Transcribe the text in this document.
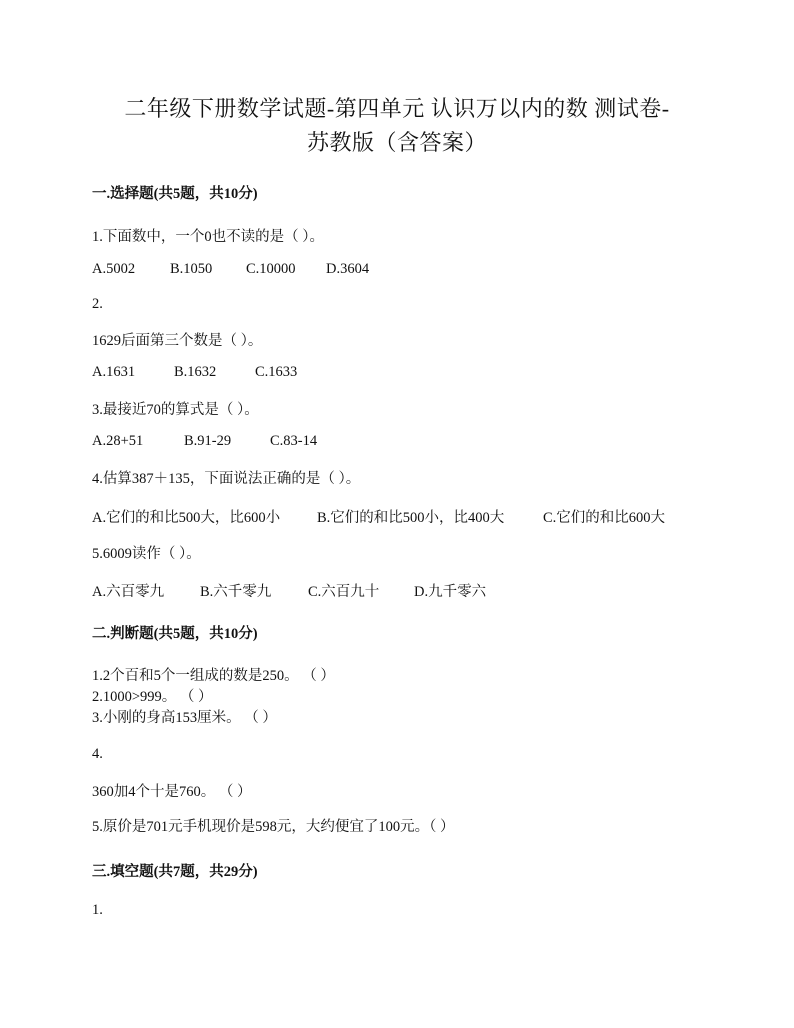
二年级下册数学试题-第四单元 认识万以内的数 测试卷-
苏教版（含答案）
一.选择题(共5题，共10分)
1.下面数中，一个0也不读的是（ ）。
A.5002	B.1050	C.10000	D.3604
2.
1629后面第三个数是（ ）。
A.1631	B.1632	C.1633
3.最接近70的算式是（ ）。
A.28+51	B.91-29	C.83-14
4.估算387＋135，下面说法正确的是（ ）。
A.它们的和比500大，比600小	B.它们的和比500小，比400大	C.它们的和比600大
5.6009读作（ ）。
A.六百零九	B.六千零九	C.六百九十	D.九千零六
二.判断题(共5题，共10分)
1.2个百和5个一组成的数是250。 （ ）
2.1000>999。 （ ）
3.小刚的身高153厘米。 （ ）
4.
360加4个十是760。 （ ）
5.原价是701元手机现价是598元，大约便宜了100元。（ ）
三.填空题(共7题，共29分)
1.
